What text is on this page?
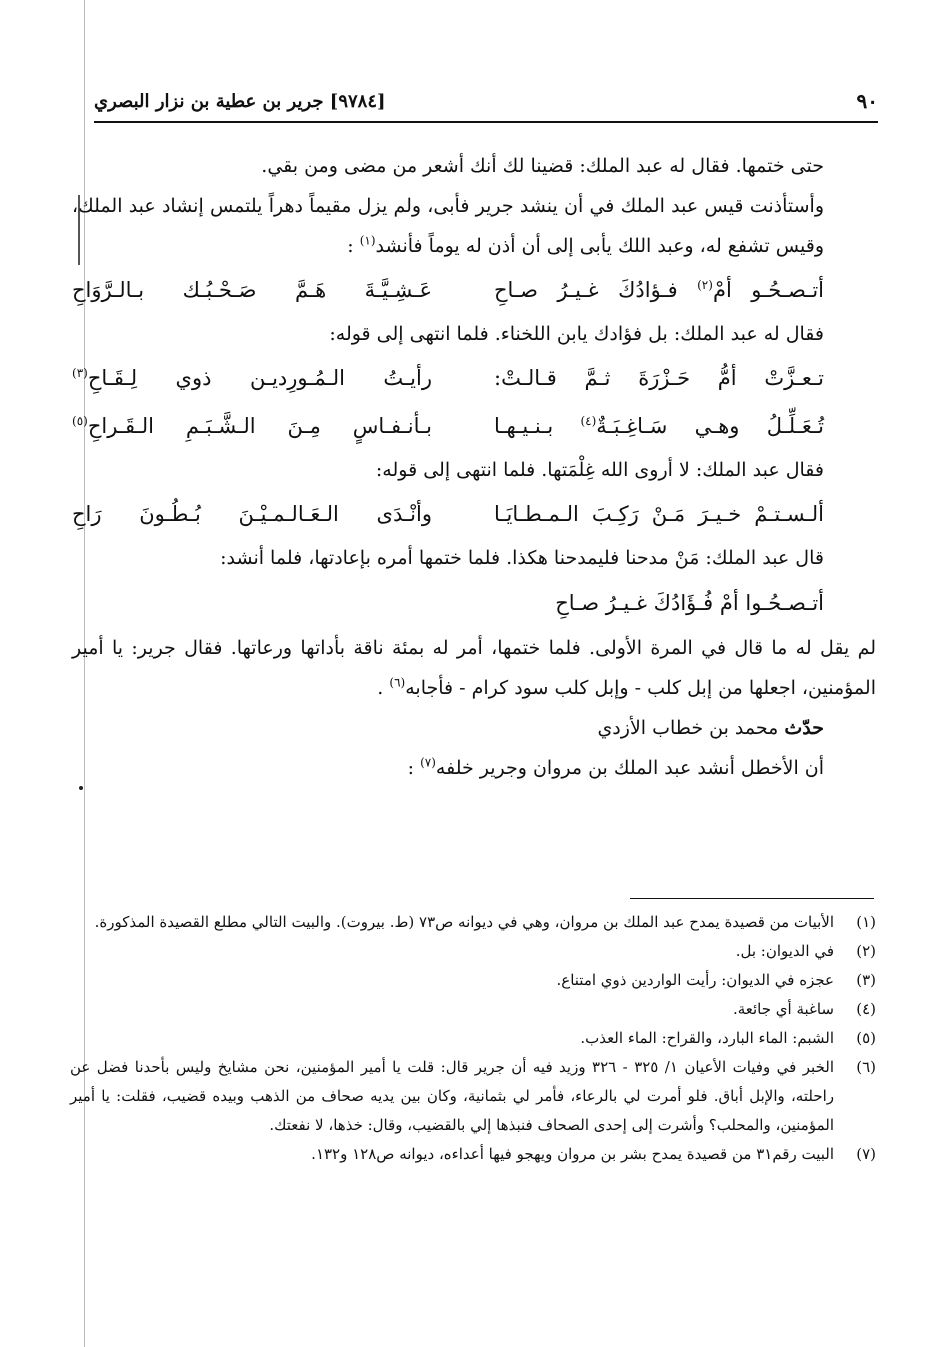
٩٠
[٩٧٨٤] جرير بن عطية بن نزار البصري

حتى ختمها. فقال له عبد الملك: قضينا لك أنك أشعر من مضى ومن بقي.

وأستأذنت قيس عبد الملك في أن ينشد جرير فأبى، ولم يزل مقيماً دهراً يلتمس إنشاد عبد الملك، وقيس تشفع له، وعبد اللك يأبى إلى أن أذن له يوماً فأنشد$^{(١)}$ :

أتـصـحُـو أمْ$^{(٢)}$ فـؤادُكَ غـيـرُ صـاحِ
عَـشِـيَّـةَ هَـمَّ صَـحْـبُـك بـالـرَّوَاحِ

فقال له عبد الملك: بل فؤادك يابن اللخناء. فلما انتهى إلى قوله:

تـعـزَّتْ أمُّ حَـزْرَةَ ثـمَّ قـالـتْ:
رأيـتُ الـمُـورِديـن ذوي لِـقَـاحِ$^{(٣)}$
تُـعَـلِّـلُ وهـي سَـاغِـبَـةٌ$^{(٤)}$ بـنـيـهـا
بـأنـفـاسٍ مِـنَ الـشَّـبَـمِ الـقَـراحِ$^{(٥)}$

فقال عبد الملك: لا أروى الله غِلْمَتها. فلما انتهى إلى قوله:

ألـسـتـمْ خـيـرَ مَـنْ رَكِـبَ الـمـطـايَـا
وأنْـدَى الـعَـالـمـيْـنَ بُـطُـونَ رَاحِ

قال عبد الملك: مَنْ مدحنا فليمدحنا هكذا. فلما ختمها أمره بإعادتها، فلما أنشد:

أتـصـحُـوا أمْ فُـؤَادُكَ غـيـرُ صـاحِ

لم يقل له ما قال في المرة الأولى. فلما ختمها، أمر له بمئة ناقة بأداتها ورعاتها. فقال جرير: يا أمير المؤمنين، اجعلها من إبل كلب - وإبل كلب سود كرام - فأجابه$^{(٦)}$ .

حدّث محمد بن خطاب الأزدي

أن الأخطل أنشد عبد الملك بن مروان وجرير خلفه$^{(٧)}$ :

(١)
الأبيات من قصيدة يمدح عبد الملك بن مروان، وهي في ديوانه ص٧٣ (ط. بيروت). والبيت التالي مطلع القصيدة المذكورة.
(٢)
في الديوان: بل.
(٣)
عجزه في الديوان: رأيت الواردين ذوي امتناع.
(٤)
ساغبة أي جائعة.
(٥)
الشبم: الماء البارد، والقراح: الماء العذب.
(٦)
الخبر في وفيات الأعيان ١/ ٣٢٥ - ٣٢٦ وزيد فيه أن جرير قال: قلت يا أمير المؤمنين، نحن مشايخ وليس بأحدنا فضل عن راحلته، والإبل أباق. فلو أمرت لي بالرعاء، فأمر لي بثمانية، وكان بين يديه صحاف من الذهب وبيده قضيب، فقلت: يا أمير المؤمنين، والمحلب؟ وأشرت إلى إحدى الصحاف فنبذها إلي بالقضيب، وقال: خذها، لا نفعتك.
(٧)
البيت رقم٣١ من قصيدة يمدح بشر بن مروان ويهجو فيها أعداءه، ديوانه ص١٢٨ و١٣٢.
